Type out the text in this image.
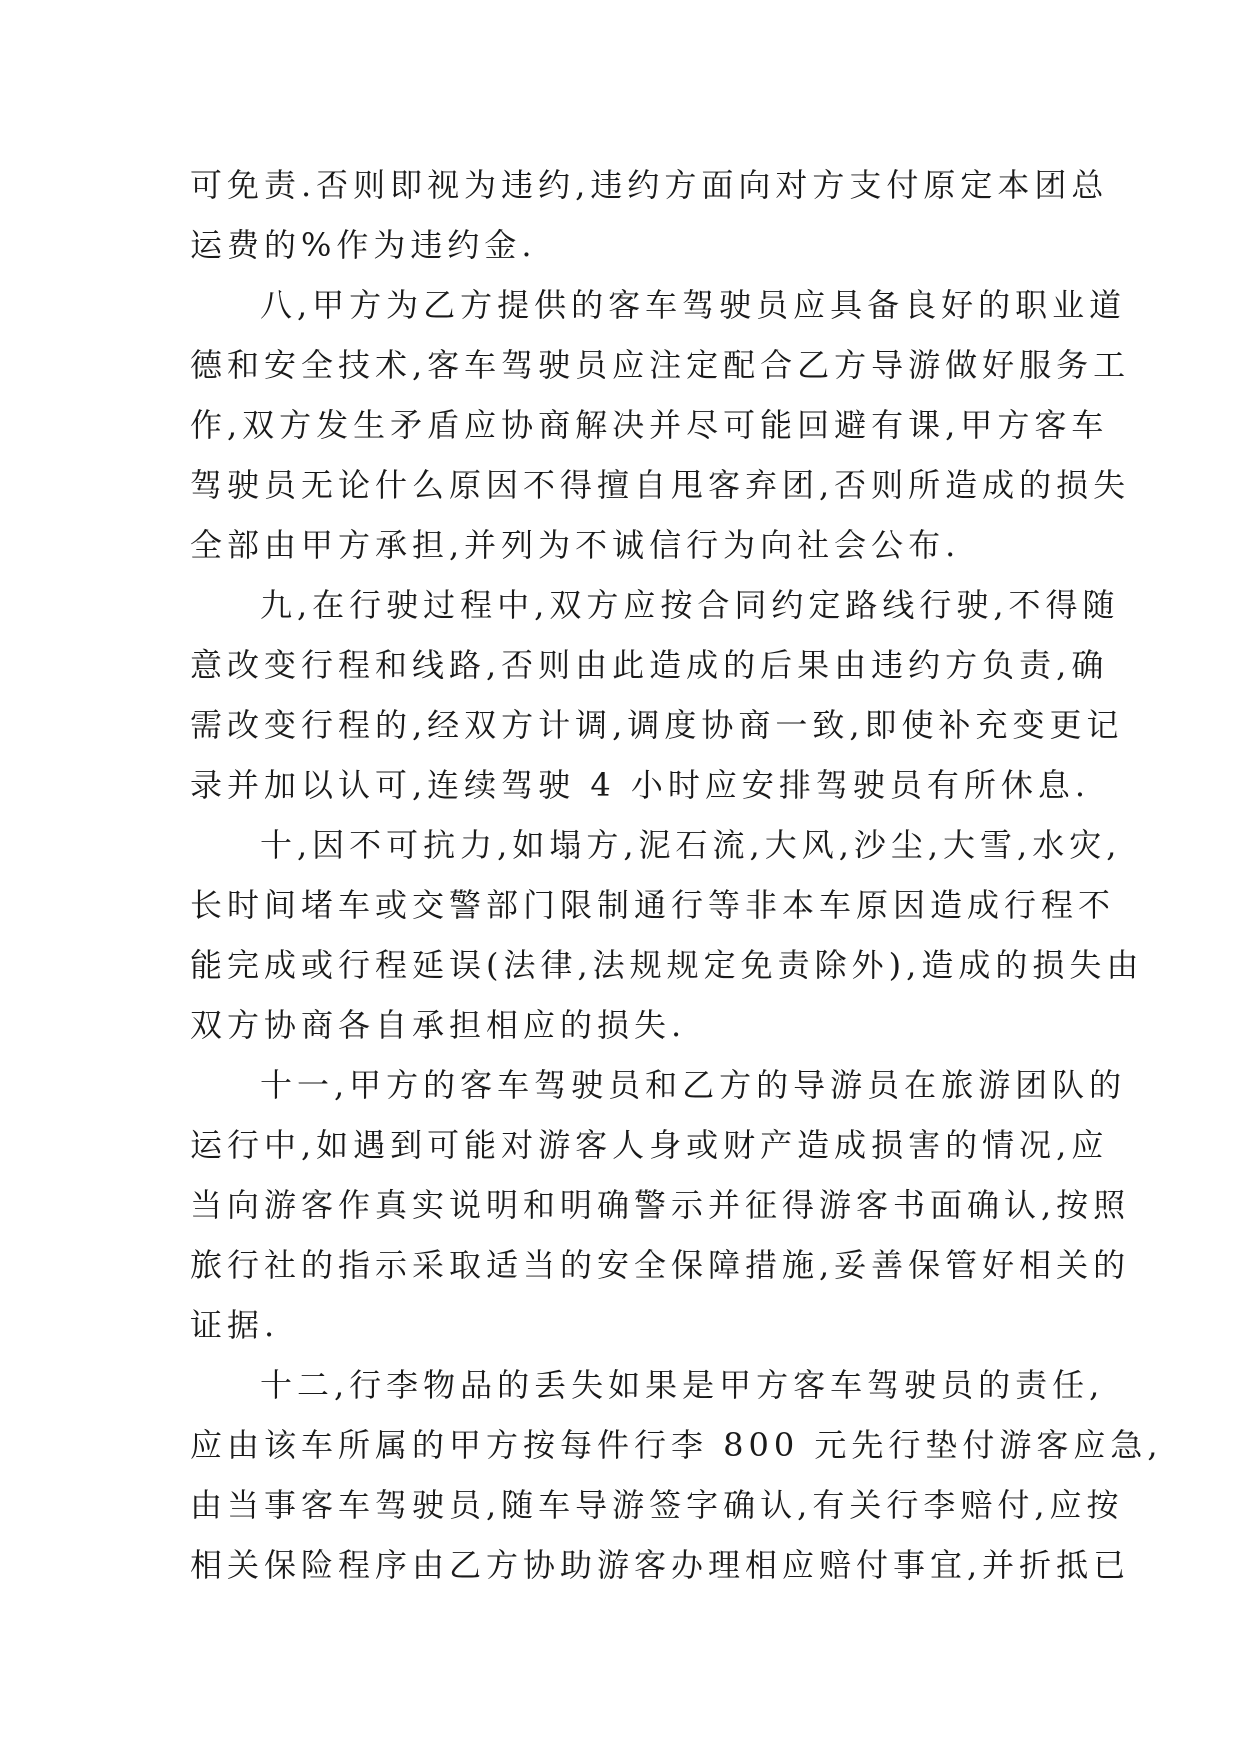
可免责.否则即视为违约,违约方面向对方支付原定本团总
运费的%作为违约金.
八,甲方为乙方提供的客车驾驶员应具备良好的职业道
德和安全技术,客车驾驶员应注定配合乙方导游做好服务工
作,双方发生矛盾应协商解决并尽可能回避有课,甲方客车
驾驶员无论什么原因不得擅自甩客弃团,否则所造成的损失
全部由甲方承担,并列为不诚信行为向社会公布.
九,在行驶过程中,双方应按合同约定路线行驶,不得随
意改变行程和线路,否则由此造成的后果由违约方负责,确
需改变行程的,经双方计调,调度协商一致,即使补充变更记
录并加以认可,连续驾驶 4 小时应安排驾驶员有所休息.
十,因不可抗力,如塌方,泥石流,大风,沙尘,大雪,水灾,
长时间堵车或交警部门限制通行等非本车原因造成行程不
能完成或行程延误(法律,法规规定免责除外),造成的损失由
双方协商各自承担相应的损失.
十一,甲方的客车驾驶员和乙方的导游员在旅游团队的
运行中,如遇到可能对游客人身或财产造成损害的情况,应
当向游客作真实说明和明确警示并征得游客书面确认,按照
旅行社的指示采取适当的安全保障措施,妥善保管好相关的
证据.
十二,行李物品的丢失如果是甲方客车驾驶员的责任,
应由该车所属的甲方按每件行李 800 元先行垫付游客应急,
由当事客车驾驶员,随车导游签字确认,有关行李赔付,应按
相关保险程序由乙方协助游客办理相应赔付事宜,并折抵已
